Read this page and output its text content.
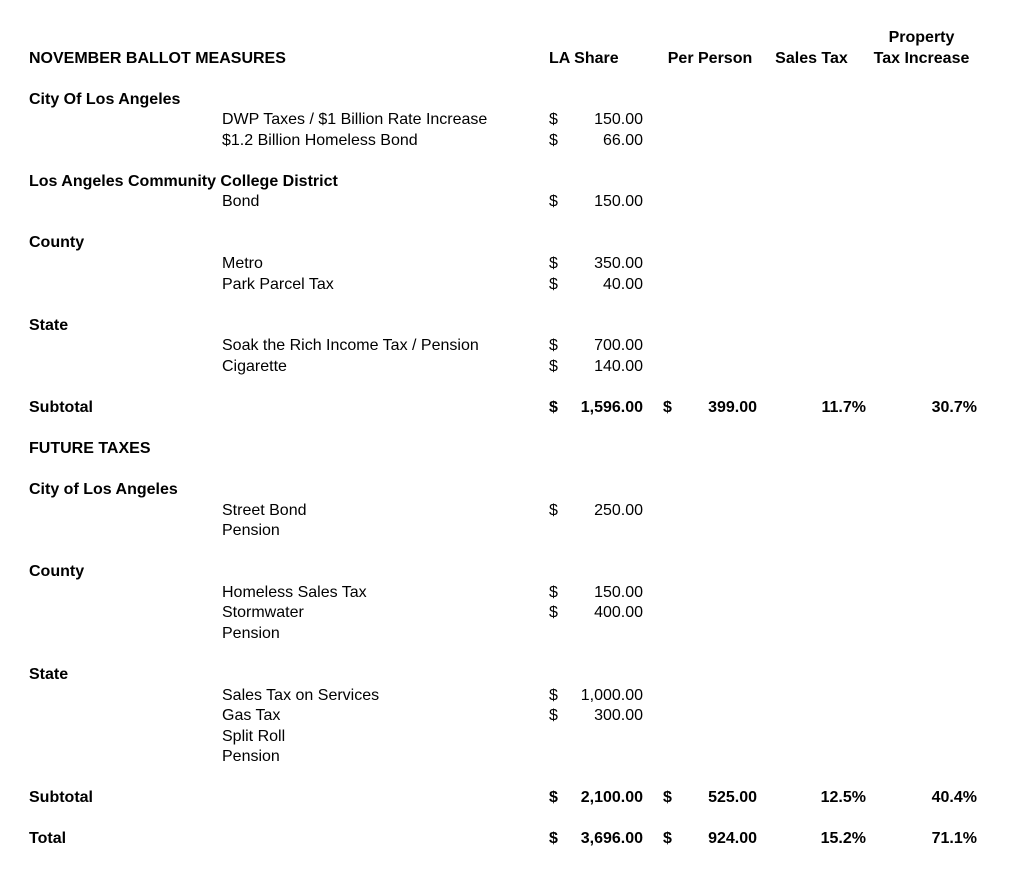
Property
NOVEMBER BALLOT MEASURES	LA Share	Per Person	Sales Tax	Tax Increase
City Of Los Angeles
DWP Taxes / $1 Billion Rate Increase	$ 150.00
$1.2 Billion Homeless Bond	$	66.00
Los Angeles Community College District
Bond	$ 150.00
County
Metro	$ 350.00
Park Parcel Tax	$	40.00
State
Soak the Rich Income Tax / Pension	$ 700.00
Cigarette	$ 140.00
Subtotal	$ 1,596.00 $ 399.00	11.7%	30.7%
FUTURE TAXES
City of Los Angeles
Street Bond	$ 250.00
Pension
County
Homeless Sales Tax	$ 150.00
Stormwater	$ 400.00
Pension
State
Sales Tax on Services	$ 1,000.00
Gas Tax	$ 300.00
Split Roll
Pension
Subtotal	$ 2,100.00 $ 525.00	12.5%	40.4%
Total	$ 3,696.00 $ 924.00	15.2%	71.1%
